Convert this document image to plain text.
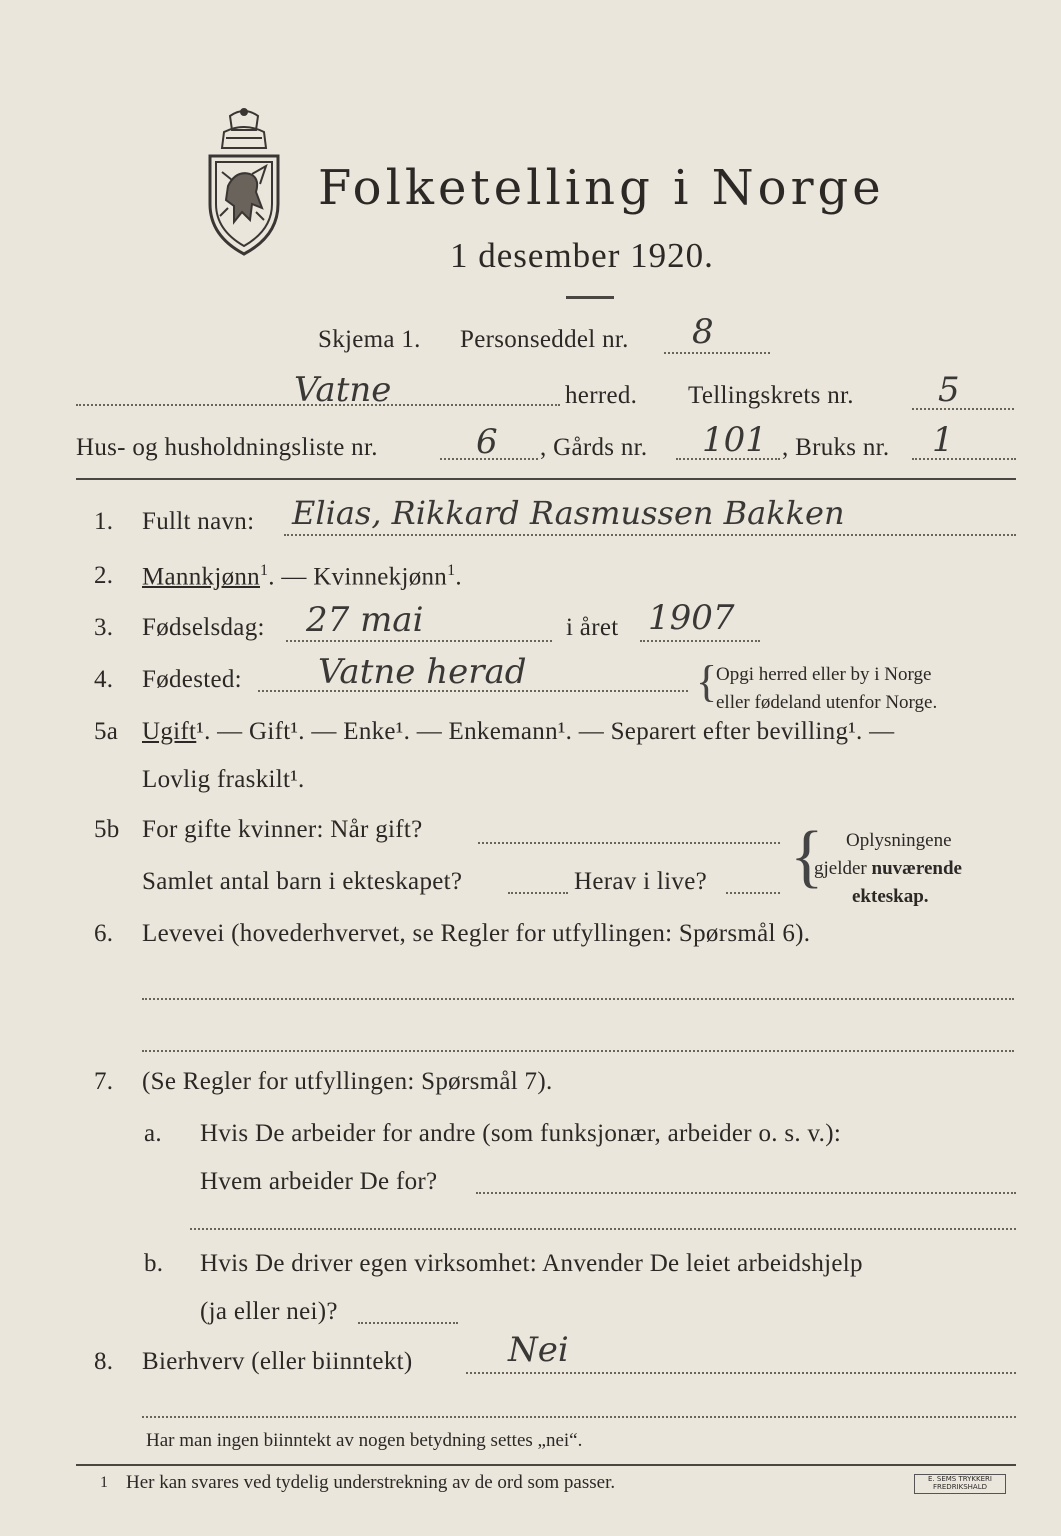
Folketelling i Norge
1 desember 1920.
Skjema 1. Personseddel nr. 8
Vatne	herred. Tellingskrets nr. 5
Hus- og husholdningsliste nr.	6 , Gårds nr. 101 , Bruks nr. 1
1. Fullt navn: Elias, Rikkard Rasmussen Bakken
2. Mannkjønn$^1$. — Kvinnekjønn$^1$.
3. Fødselsdag: 27 mai	i året 1907
4. Fødested: Vatne herad	{
Opgi herred eller by i Norge
eller fødeland utenfor Norge.
5a Ugift¹. — Gift¹. — Enke¹. — Enkemann¹. — Separert efter bevilling¹. —
Lovlig fraskilt¹.
5b For gifte kvinner: Når gift?
Samlet antal barn i ekteskapet?	Herav i live? { Oplysningene
gjelder nuværende
ekteskap.
6. Levevei (hovederhvervet, se Regler for utfyllingen: Spørsmål 6).
7. (Se Regler for utfyllingen: Spørsmål 7).
a. Hvis De arbeider for andre (som funksjonær, arbeider o. s. v.):
Hvem arbeider De for?
b. Hvis De driver egen virksomhet: Anvender De leiet arbeidshjelp
(ja eller nei)?
8. Bierhverv (eller biinntekt)	Nei
Har man ingen biinntekt av nogen betydning settes „nei“.
1 Her kan svares ved tydelig understrekning av de ord som passer.	E. SEMS TRYKKERI FREDRIKSHALD
